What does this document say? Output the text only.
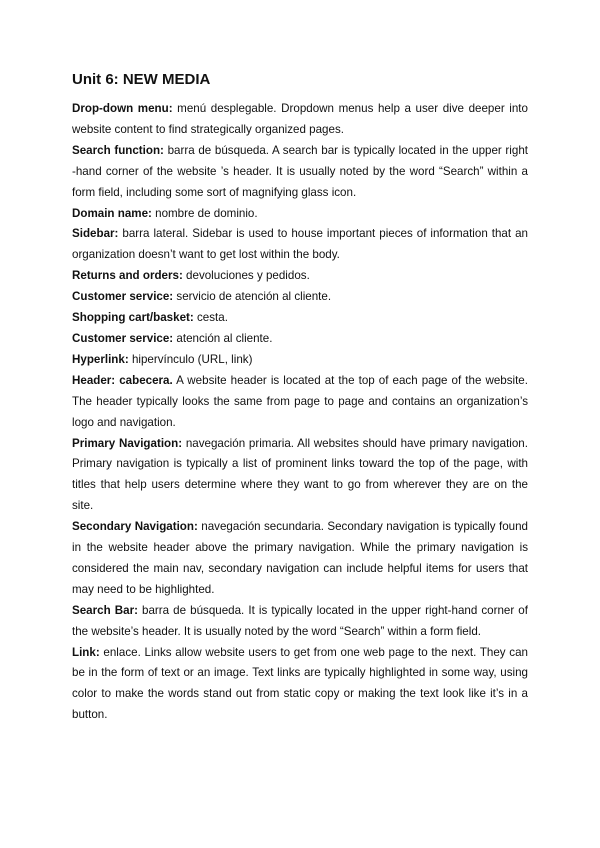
Unit 6: NEW MEDIA

Drop-down menu: menú desplegable. Dropdown menus help a user dive deeper into website content to find strategically organized pages.

Search function: barra de búsqueda. A search bar is typically located in the upper right -hand corner of the website ’s header. It is usually noted by the word “Search” within a form field, including some sort of magnifying glass icon.

Domain name: nombre de dominio.

Sidebar: barra lateral. Sidebar is used to house important pieces of information that an organization doesn’t want to get lost within the body.

Returns and orders: devoluciones y pedidos.

Customer service: servicio de atención al cliente.

Shopping cart/basket: cesta.

Customer service: atención al cliente.

Hyperlink: hipervínculo (URL, link)

Header: cabecera. A website header is located at the top of each page of the website. The header typically looks the same from page to page and contains an organization’s logo and navigation.

Primary Navigation: navegación primaria. All websites should have primary navigation. Primary navigation is typically a list of prominent links toward the top of the page, with titles that help users determine where they want to go from wherever they are on the site.

Secondary Navigation: navegación secundaria. Secondary navigation is typically found in the website header above the primary navigation. While the primary navigation is considered the main nav, secondary navigation can include helpful items for users that may need to be highlighted.

Search Bar: barra de búsqueda. It is typically located in the upper right-hand corner of the website’s header. It is usually noted by the word “Search” within a form field.

Link: enlace. Links allow website users to get from one web page to the next. They can be in the form of text or an image. Text links are typically highlighted in some way, using color to make the words stand out from static copy or making the text look like it’s in a button.
